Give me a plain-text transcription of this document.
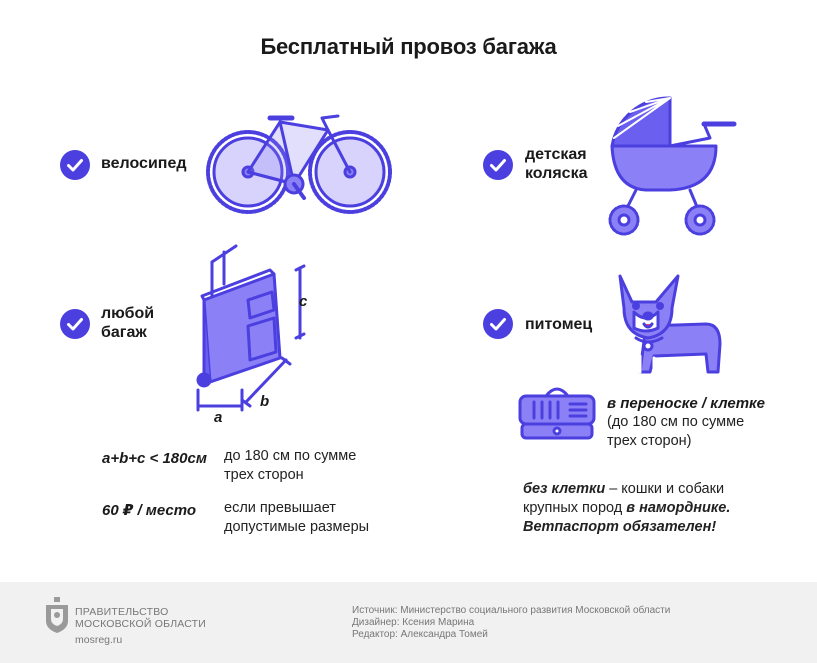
Бесплатный провоз багажа
велосипед
детская
коляска
любой
багаж
c
b
a
питомец
в переноске / клетке
(до 180 см по сумме
трех сторон)
без клетки – кошки и собаки
крупных пород в наморднике.
Ветпаспорт обязателен!
a+b+c < 180см до 180 см по сумме
трех сторон
60 ₽ / место если превышает
допустимые размеры
ПРАВИТЕЛЬСТВО
МОСКОВСКОЙ ОБЛАСТИ
mosreg.ru
Источник: Министерство социального развития Московской области
Дизайнер: Ксения Марина
Редактор: Александра Томей
